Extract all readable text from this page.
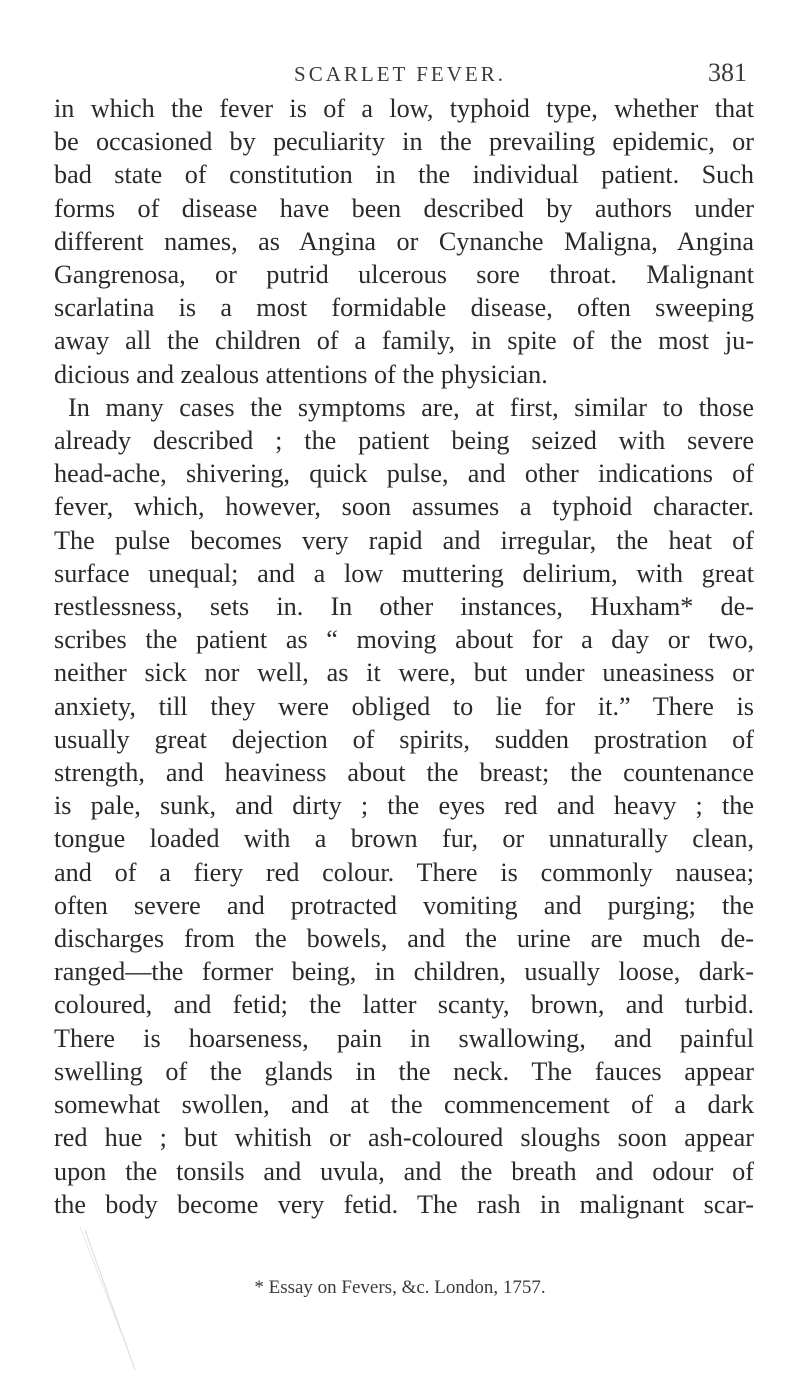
SCARLET FEVER.	381
in which the fever is of a low, typhoid type, whether that
be occasioned by peculiarity in the prevailing epidemic, or
bad state of constitution in the individual patient. Such
forms of disease have been described by authors under
different names, as Angina or Cynanche Maligna, Angina
Gangrenosa, or putrid ulcerous sore throat. Malignant
scarlatina is a most formidable disease, often sweeping
away all the children of a family, in spite of the most ju-
dicious and zealous attentions of the physician.
In many cases the symptoms are, at first, similar to those
already described ; the patient being seized with severe
head-ache, shivering, quick pulse, and other indications of
fever, which, however, soon assumes a typhoid character.
The pulse becomes very rapid and irregular, the heat of
surface unequal; and a low muttering delirium, with great
restlessness, sets in. In other instances, Huxham* de-
scribes the patient as “ moving about for a day or two,
neither sick nor well, as it were, but under uneasiness or
anxiety, till they were obliged to lie for it.” There is
usually great dejection of spirits, sudden prostration of
strength, and heaviness about the breast; the countenance
is pale, sunk, and dirty ; the eyes red and heavy ; the
tongue loaded with a brown fur, or unnaturally clean,
and of a fiery red colour. There is commonly nausea;
often severe and protracted vomiting and purging; the
discharges from the bowels, and the urine are much de-
ranged—the former being, in children, usually loose, dark-
coloured, and fetid; the latter scanty, brown, and turbid.
There is hoarseness, pain in swallowing, and painful
swelling of the glands in the neck. The fauces appear
somewhat swollen, and at the commencement of a dark
red hue ; but whitish or ash-coloured sloughs soon appear
upon the tonsils and uvula, and the breath and odour of
the body become very fetid. The rash in malignant scar-
* Essay on Fevers, &c. London, 1757.
